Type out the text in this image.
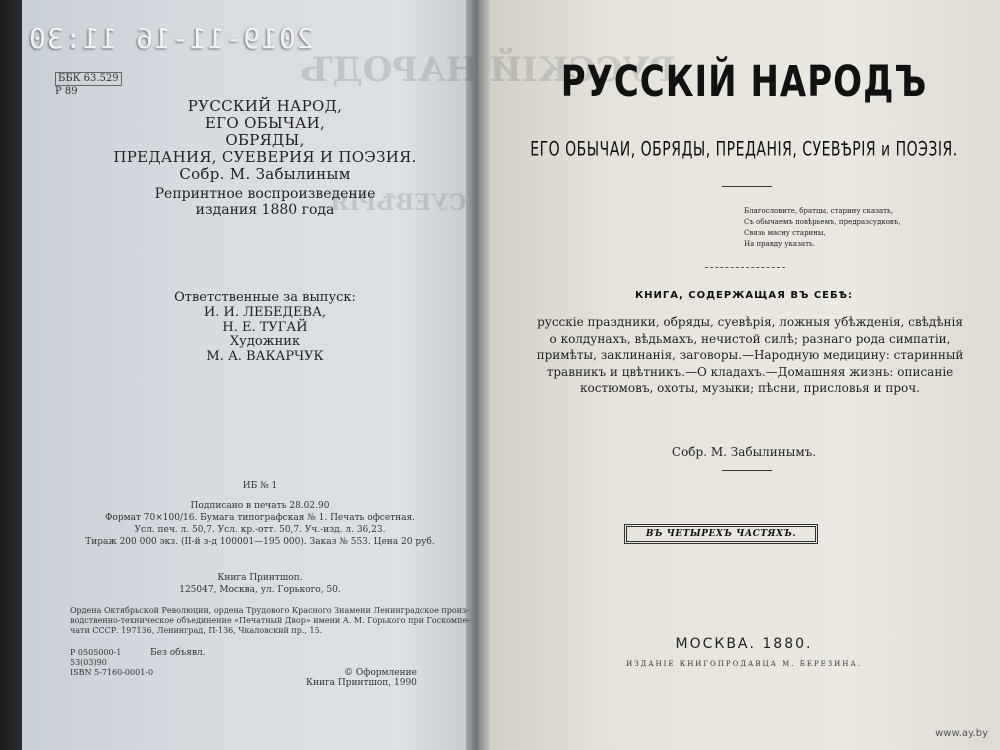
РУССКIЙ НАРОДЪ
СУЕВѢРІЯ
2019-11-16 11:30
ББК 63.529
Р 89
РУССКИЙ НАРОД,
ЕГО ОБЫЧАИ,
ОБРЯДЫ,
ПРЕДАНИЯ, СУЕВЕРИЯ И ПОЭЗИЯ.
Собр. М. Забылиным
Репринтное воспроизведение
издания 1880 года
Ответственные за выпуск:
И. И. ЛЕБЕДЕВА,
Н. Е. ТУГАЙ
Художник
М. А. ВАКАРЧУК
ИБ № 1
Подписано в печать 28.02.90
Формат 70×100/16. Бумага типографская № 1. Печать офсетная.
Усл. печ. л. 50,7. Усл. кр.-отт. 50,7. Уч.-изд. л. 36,23.
Тираж 200 000 экз. (II-й з-д 100001—195 000). Заказ № 553. Цена 20 руб.
Книга Принтшоп.
125047, Москва, ул. Горького, 50.
Ордена Октябрьской Революции, ордена Трудового Красного Знамени Ленинградское произ-
водственно-техническое объединение «Печатный Двор» имени А. М. Горького при Госкомпе-
чати СССР. 197136, Ленинград, П-136, Чкаловский пр., 15.
Р 0505000-1
53(03)90
ISBN 5-7160-0001-0
Без объявл.
© Оформление
Книга Принтшоп, 1990
РУССКІЙ НАРОДЪ
ЕГО ОБЫЧАИ, ОБРЯДЫ, ПРЕДАНІЯ, СУЕВѢРІЯ и ПОЭЗІЯ.
Благословите, братцы, старину сказать,
Съ обычаемъ повѣрьемъ, предразсудковъ,
Связь масну старины,
На правду указать.
КНИГА, СОДЕРЖАЩАЯ ВЪ СЕБѢ:
русскіе праздники, обряды, суевѣрія, ложныя убѣжденія, свѣдѣнія
о колдунахъ, вѣдьмахъ, нечистой силѣ; разнаго рода симпатіи,
примѣты, заклинанія, заговоры.—Народную медицину: старинный
травникъ и цвѣтникъ.—О кладахъ.—Домашняя жизнь: описаніе
костюмовъ, охоты, музыки; пѣсни, прислoвья и проч.
Собр. М. Забылинымъ.
ВЪ ЧЕТЫРЕХЪ ЧАСТЯХЪ.
МОСКВА. 1880.
ИЗДАНІЕ КНИГОПРОДАВЦА М. БЕРЕЗИНА.
www.ay.by
